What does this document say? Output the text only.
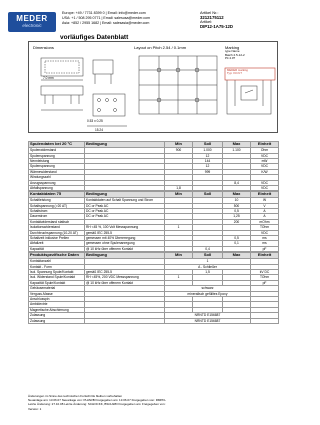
MEDER
electronic
Europe: +49 / 7731 8399 0 | Email: info@meder.com
USA: +1 / 508 295 0771 | Email: salesusa@meder.com
Asia: +852 / 2955 1682 | Email: salesasia@meder.com
Artikel Nr.:
3212175112
Artikel:
DIP12-1A75-12D
vorläufiges Datenblatt
Dimensions	Layout on Pitch 2.54 / 0.1mm	Marking
type Name
Batch 2.5-12-2
Pit 4.0?
7.0 mm
0.53 x 0.25
15.24
MEDER marking
Typ: V.F.N.?
Spulendaten bei 20 °C	Bedingung	Min	Soll	Max	Einheit
Spulenwiderstand		900	1.000	1.100	Ohm
Spulenspannung			12		VDC
Nennleistung			144		mW
Spulenspannung			12		VDC
Wärmewiderstand			999		K/W
Windungszahl					
Anzugsspannung				8,4	VDC
Abfallspannung		1,8			VDC
Kontaktdaten 75	Bedingung	Min	Soll	Max	Einheit
Schaltleistung	Kontaktdaten auf Schalt Spannung und Strom			10	W
Schaltspannung (>20 AT)	DC or Peak AC			500	V
Schaltstrom	DC or Peak AC			0,5	A
Dauerstrom	DC or Peak AC			1,25	A
Kontaktwiderstand statisch				200	mOhm
Isolationswiderstand	RH <45 %, 100 Volt Messspannung	1			TOhm
Durchbruchspannung (10-20 AT)	gemäß IEC 255-5				VDC
Schaltzeit inklusive Prellen	gemessen mit 40% Übererregung			0,5	ms
Abfallzeit	gemessen ohne Spulenanregung			0,1	ms
Kapazität	@ 10 kHz über offenem Kontakt		0,4		pF
Produktspezifische Daten	Bedingung	Min	Soll	Max	Einheit
Kontaktanzahl		1			
Kontakt - Form		A - Schließer			
Isol. Spannung Spule/Kontakt	gemäß IEC 255-5		1,5		kV DC
Isol. Widerstand Spule/Kontakt	RH <45%, 200 VDC Messspannung	1			TOhm
Kapazität Spule/Kontakt	@ 10 kHz über offenem Kontakt				pF
Gehäusematerial		schwarz			
Verguss-Masse		mineralisch gefülltes Epoxy			
Anschlusspin					
Ambidextrie					
Magnetische Abschirmung					
Zulassung		NRNTD E156887			
Zulassung		NRNTD E156887			
Änderungen im Sinne des technischen Fortschritts bleiben vorbehalten
Neuanlage am: 13.06.07 Neuanlage von: PH/ARB Freigegeben am: 13.06.07 Freigegeben von: RMPFL
Letzte Änderung: 27.10.08 Letzte Änderung: SCHOCKK, BSCHWD Freigegeben am: Freigegeben von:
Version: 1
